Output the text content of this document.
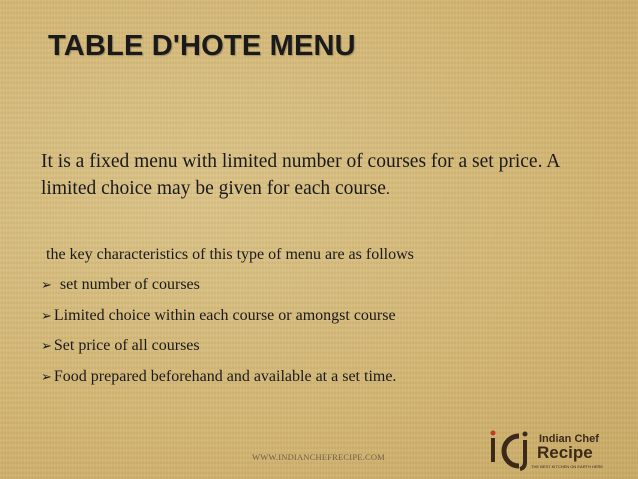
TABLE D'HOTE MENU
It is a fixed menu with limited number of courses for a set price. A limited choice may be given for each course.
the key characteristics of this type of menu are as follows
➢ set number of courses
➢ Limited choice within each course or amongst course
➢ Set price of all courses
➢ Food prepared beforehand and available at a set time.
WWW.INDIANCHEFRECIPE.COM
Indian Chef
Recipe
THE BEST KITCHEN ON EARTH HERE
